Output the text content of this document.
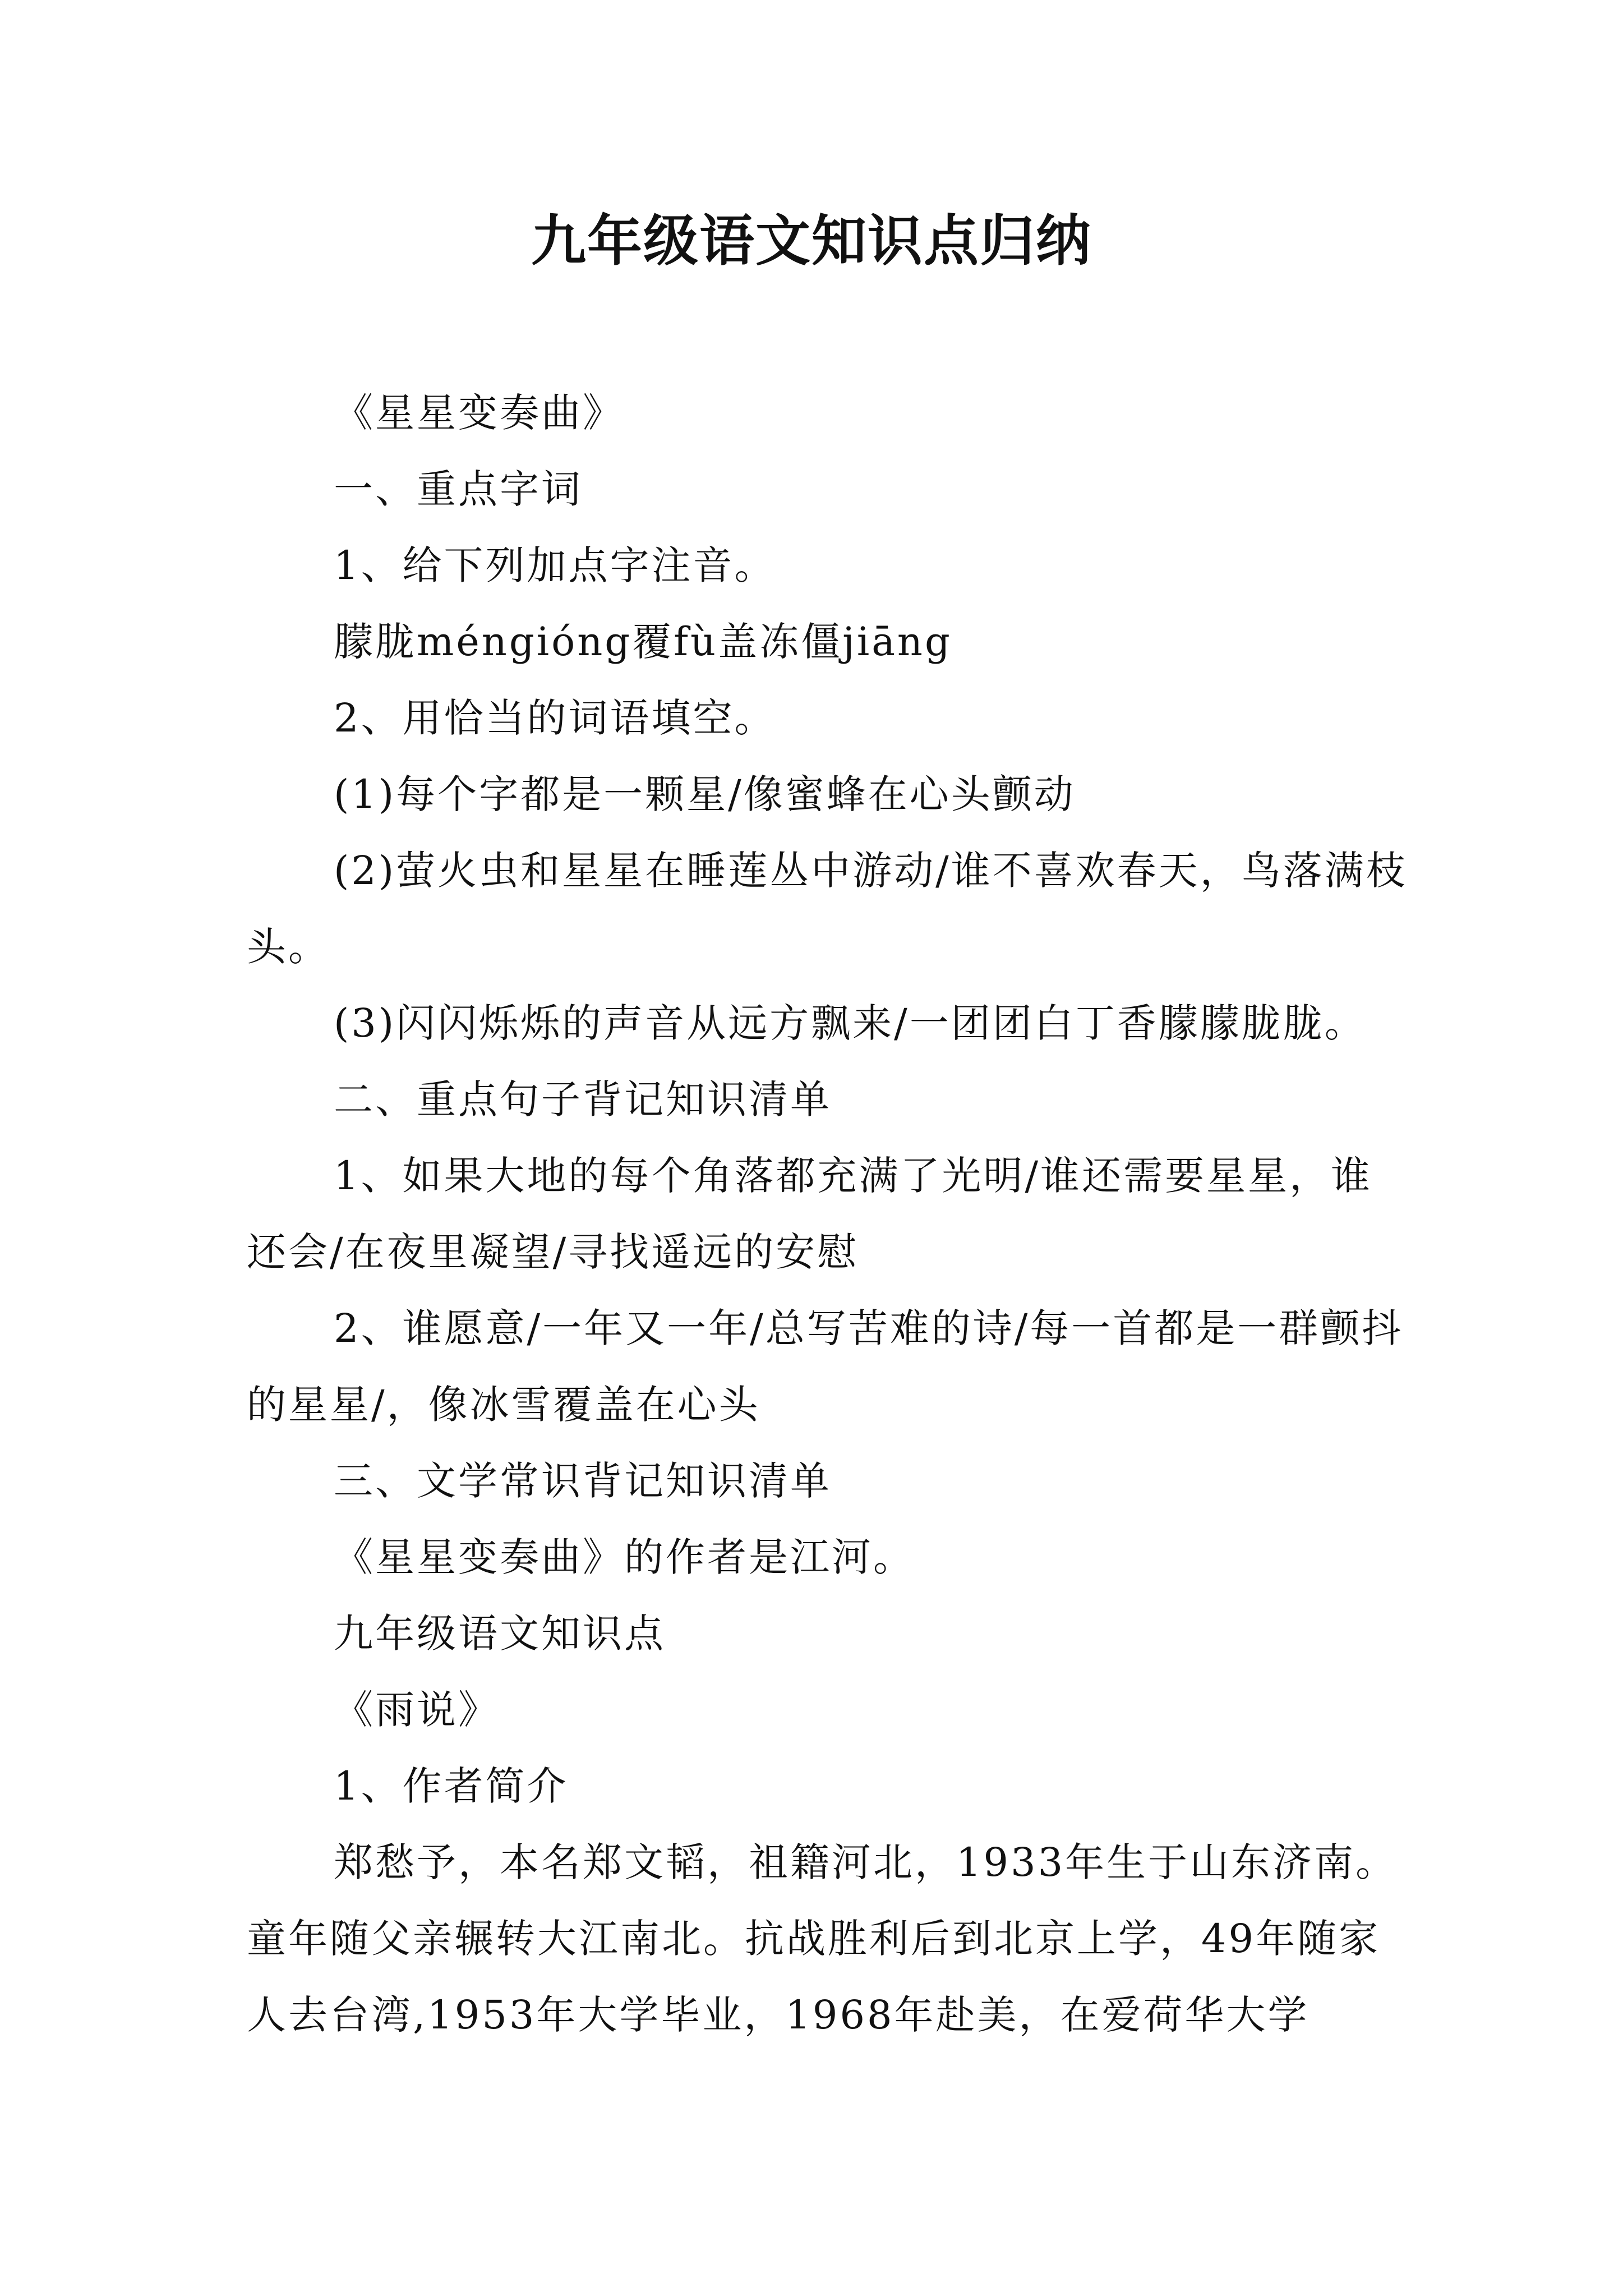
九年级语文知识点归纳

《星星变奏曲》

一、重点字词

1、给下列加点字注音。

朦胧méngióng覆fù盖冻僵jiāng

2、用恰当的词语填空。

(1)每个字都是一颗星/像蜜蜂在心头颤动

(2)萤火虫和星星在睡莲丛中游动/谁不喜欢春天，鸟落满枝头。

(3)闪闪烁烁的声音从远方飘来/一团团白丁香朦朦胧胧。

二、重点句子背记知识清单

1、如果大地的每个角落都充满了光明/谁还需要星星，谁还会/在夜里凝望/寻找遥远的安慰

2、谁愿意/一年又一年/总写苦难的诗/每一首都是一群颤抖的星星/，像冰雪覆盖在心头

三、文学常识背记知识清单

《星星变奏曲》的作者是江河。

九年级语文知识点

《雨说》

1、作者简介

郑愁予，本名郑文韬，祖籍河北，1933年生于山东济南。童年随父亲辗转大江南北。抗战胜利后到北京上学，49年随家人去台湾,1953年大学毕业，1968年赴美，在爱荷华大学
